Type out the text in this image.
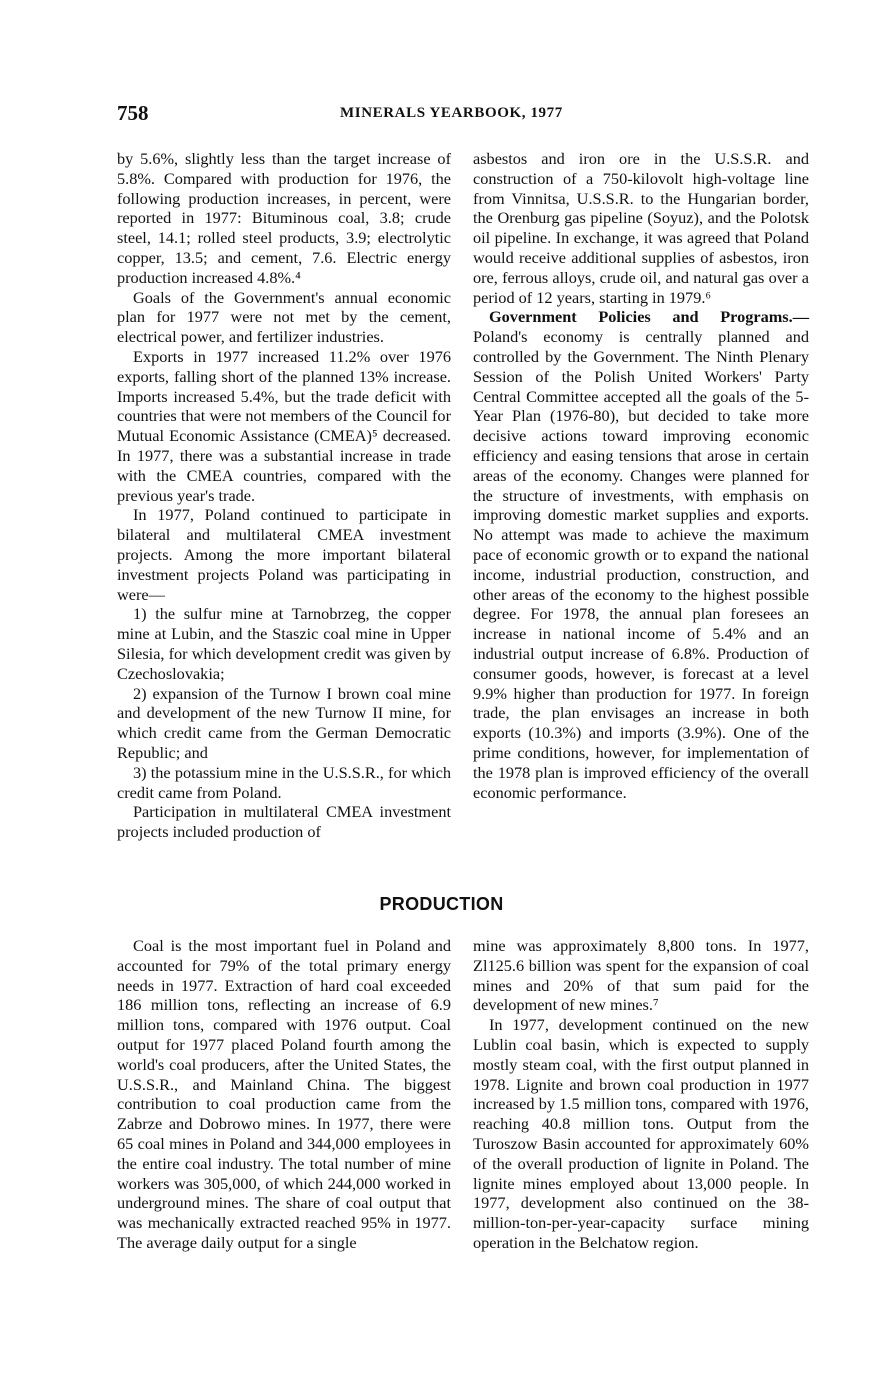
758	MINERALS YEARBOOK, 1977

by 5.6%, slightly less than the target increase of 5.8%. Compared with production for 1976, the following production increases, in percent, were reported in 1977: Bituminous coal, 3.8; crude steel, 14.1; rolled steel products, 3.9; electrolytic copper, 13.5; and cement, 7.6. Electric energy production increased 4.8%.⁴

Goals of the Government's annual economic plan for 1977 were not met by the cement, electrical power, and fertilizer industries.

Exports in 1977 increased 11.2% over 1976 exports, falling short of the planned 13% increase. Imports increased 5.4%, but the trade deficit with countries that were not members of the Council for Mutual Economic Assistance (CMEA)⁵ decreased. In 1977, there was a substantial increase in trade with the CMEA countries, compared with the previous year's trade.

In 1977, Poland continued to participate in bilateral and multilateral CMEA investment projects. Among the more important bilateral investment projects Poland was participating in were—

1) the sulfur mine at Tarnobrzeg, the copper mine at Lubin, and the Staszic coal mine in Upper Silesia, for which development credit was given by Czechoslovakia;

2) expansion of the Turnow I brown coal mine and development of the new Turnow II mine, for which credit came from the German Democratic Republic; and

3) the potassium mine in the U.S.S.R., for which credit came from Poland.

Participation in multilateral CMEA investment projects included production of

asbestos and iron ore in the U.S.S.R. and construction of a 750-kilovolt high-voltage line from Vinnitsa, U.S.S.R. to the Hungarian border, the Orenburg gas pipeline (Soyuz), and the Polotsk oil pipeline. In exchange, it was agreed that Poland would receive additional supplies of asbestos, iron ore, ferrous alloys, crude oil, and natural gas over a period of 12 years, starting in 1979.⁶

Government Policies and Programs.—Poland's economy is centrally planned and controlled by the Government. The Ninth Plenary Session of the Polish United Workers' Party Central Committee accepted all the goals of the 5-Year Plan (1976-80), but decided to take more decisive actions toward improving economic efficiency and easing tensions that arose in certain areas of the economy. Changes were planned for the structure of investments, with emphasis on improving domestic market supplies and exports. No attempt was made to achieve the maximum pace of economic growth or to expand the national income, industrial production, construction, and other areas of the economy to the highest possible degree. For 1978, the annual plan foresees an increase in national income of 5.4% and an industrial output increase of 6.8%. Production of consumer goods, however, is forecast at a level 9.9% higher than production for 1977. In foreign trade, the plan envisages an increase in both exports (10.3%) and imports (3.9%). One of the prime conditions, however, for implementation of the 1978 plan is improved efficiency of the overall economic performance.

PRODUCTION

Coal is the most important fuel in Poland and accounted for 79% of the total primary energy needs in 1977. Extraction of hard coal exceeded 186 million tons, reflecting an increase of 6.9 million tons, compared with 1976 output. Coal output for 1977 placed Poland fourth among the world's coal producers, after the United States, the U.S.S.R., and Mainland China. The biggest contribution to coal production came from the Zabrze and Dobrowo mines. In 1977, there were 65 coal mines in Poland and 344,000 employees in the entire coal industry. The total number of mine workers was 305,000, of which 244,000 worked in underground mines. The share of coal output that was mechanically extracted reached 95% in 1977. The average daily output for a single

mine was approximately 8,800 tons. In 1977, Zl125.6 billion was spent for the expansion of coal mines and 20% of that sum paid for the development of new mines.⁷

In 1977, development continued on the new Lublin coal basin, which is expected to supply mostly steam coal, with the first output planned in 1978. Lignite and brown coal production in 1977 increased by 1.5 million tons, compared with 1976, reaching 40.8 million tons. Output from the Turoszow Basin accounted for approximately 60% of the overall production of lignite in Poland. The lignite mines employed about 13,000 people. In 1977, development also continued on the 38-million-ton-per-year-capacity surface mining operation in the Belchatow region.
